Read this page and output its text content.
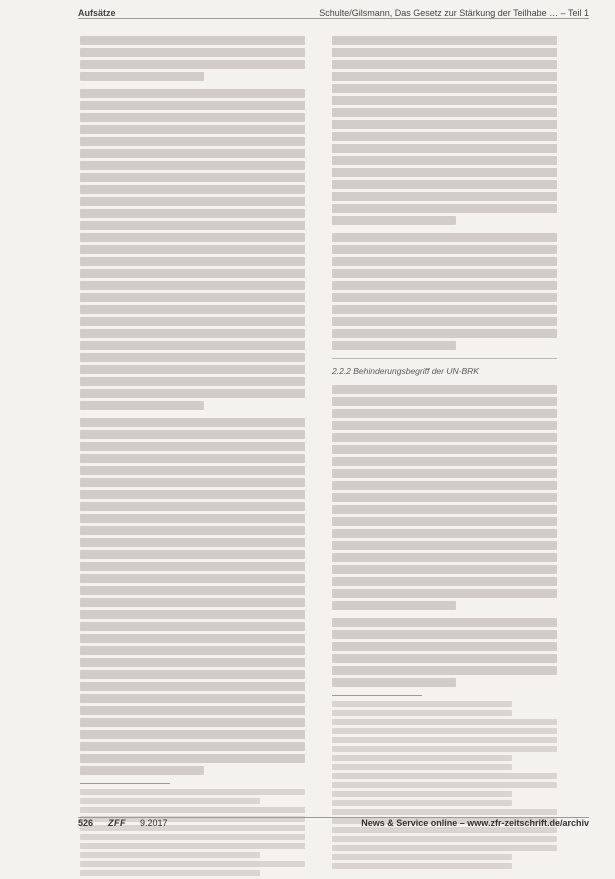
Aufsätze	Schulte/Gilsmann, Das Gesetz zur Stärkung der Teilhabe … – Teil 1
2.2.2 Behinderungsbegriff der UN-BRK
526 ZFF 9.2017	News & Service online – www.zfr-zeitschrift.de/archiv
